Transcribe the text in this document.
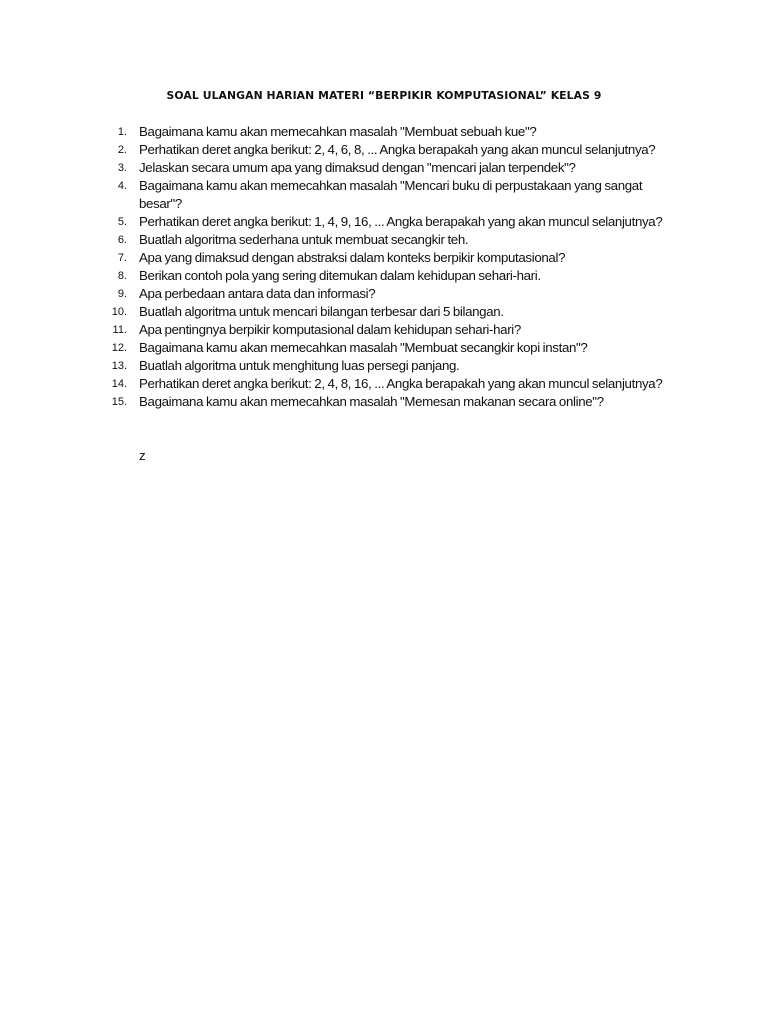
SOAL ULANGAN HARIAN MATERI “BERPIKIR KOMPUTASIONAL” KELAS 9
1. Bagaimana kamu akan memecahkan masalah "Membuat sebuah kue"?
2. Perhatikan deret angka berikut: 2, 4, 6, 8, ... Angka berapakah yang akan muncul selanjutnya?
3. Jelaskan secara umum apa yang dimaksud dengan "mencari jalan terpendek"?
4. Bagaimana kamu akan memecahkan masalah "Mencari buku di perpustakaan yang sangat besar"?
5. Perhatikan deret angka berikut: 1, 4, 9, 16, ... Angka berapakah yang akan muncul selanjutnya?
6. Buatlah algoritma sederhana untuk membuat secangkir teh.
7. Apa yang dimaksud dengan abstraksi dalam konteks berpikir komputasional?
8. Berikan contoh pola yang sering ditemukan dalam kehidupan sehari-hari.
9. Apa perbedaan antara data dan informasi?
10. Buatlah algoritma untuk mencari bilangan terbesar dari 5 bilangan.
11. Apa pentingnya berpikir komputasional dalam kehidupan sehari-hari?
12. Bagaimana kamu akan memecahkan masalah "Membuat secangkir kopi instan"?
13. Buatlah algoritma untuk menghitung luas persegi panjang.
14. Perhatikan deret angka berikut: 2, 4, 8, 16, ... Angka berapakah yang akan muncul selanjutnya?
15. Bagaimana kamu akan memecahkan masalah "Memesan makanan secara online"?
z
